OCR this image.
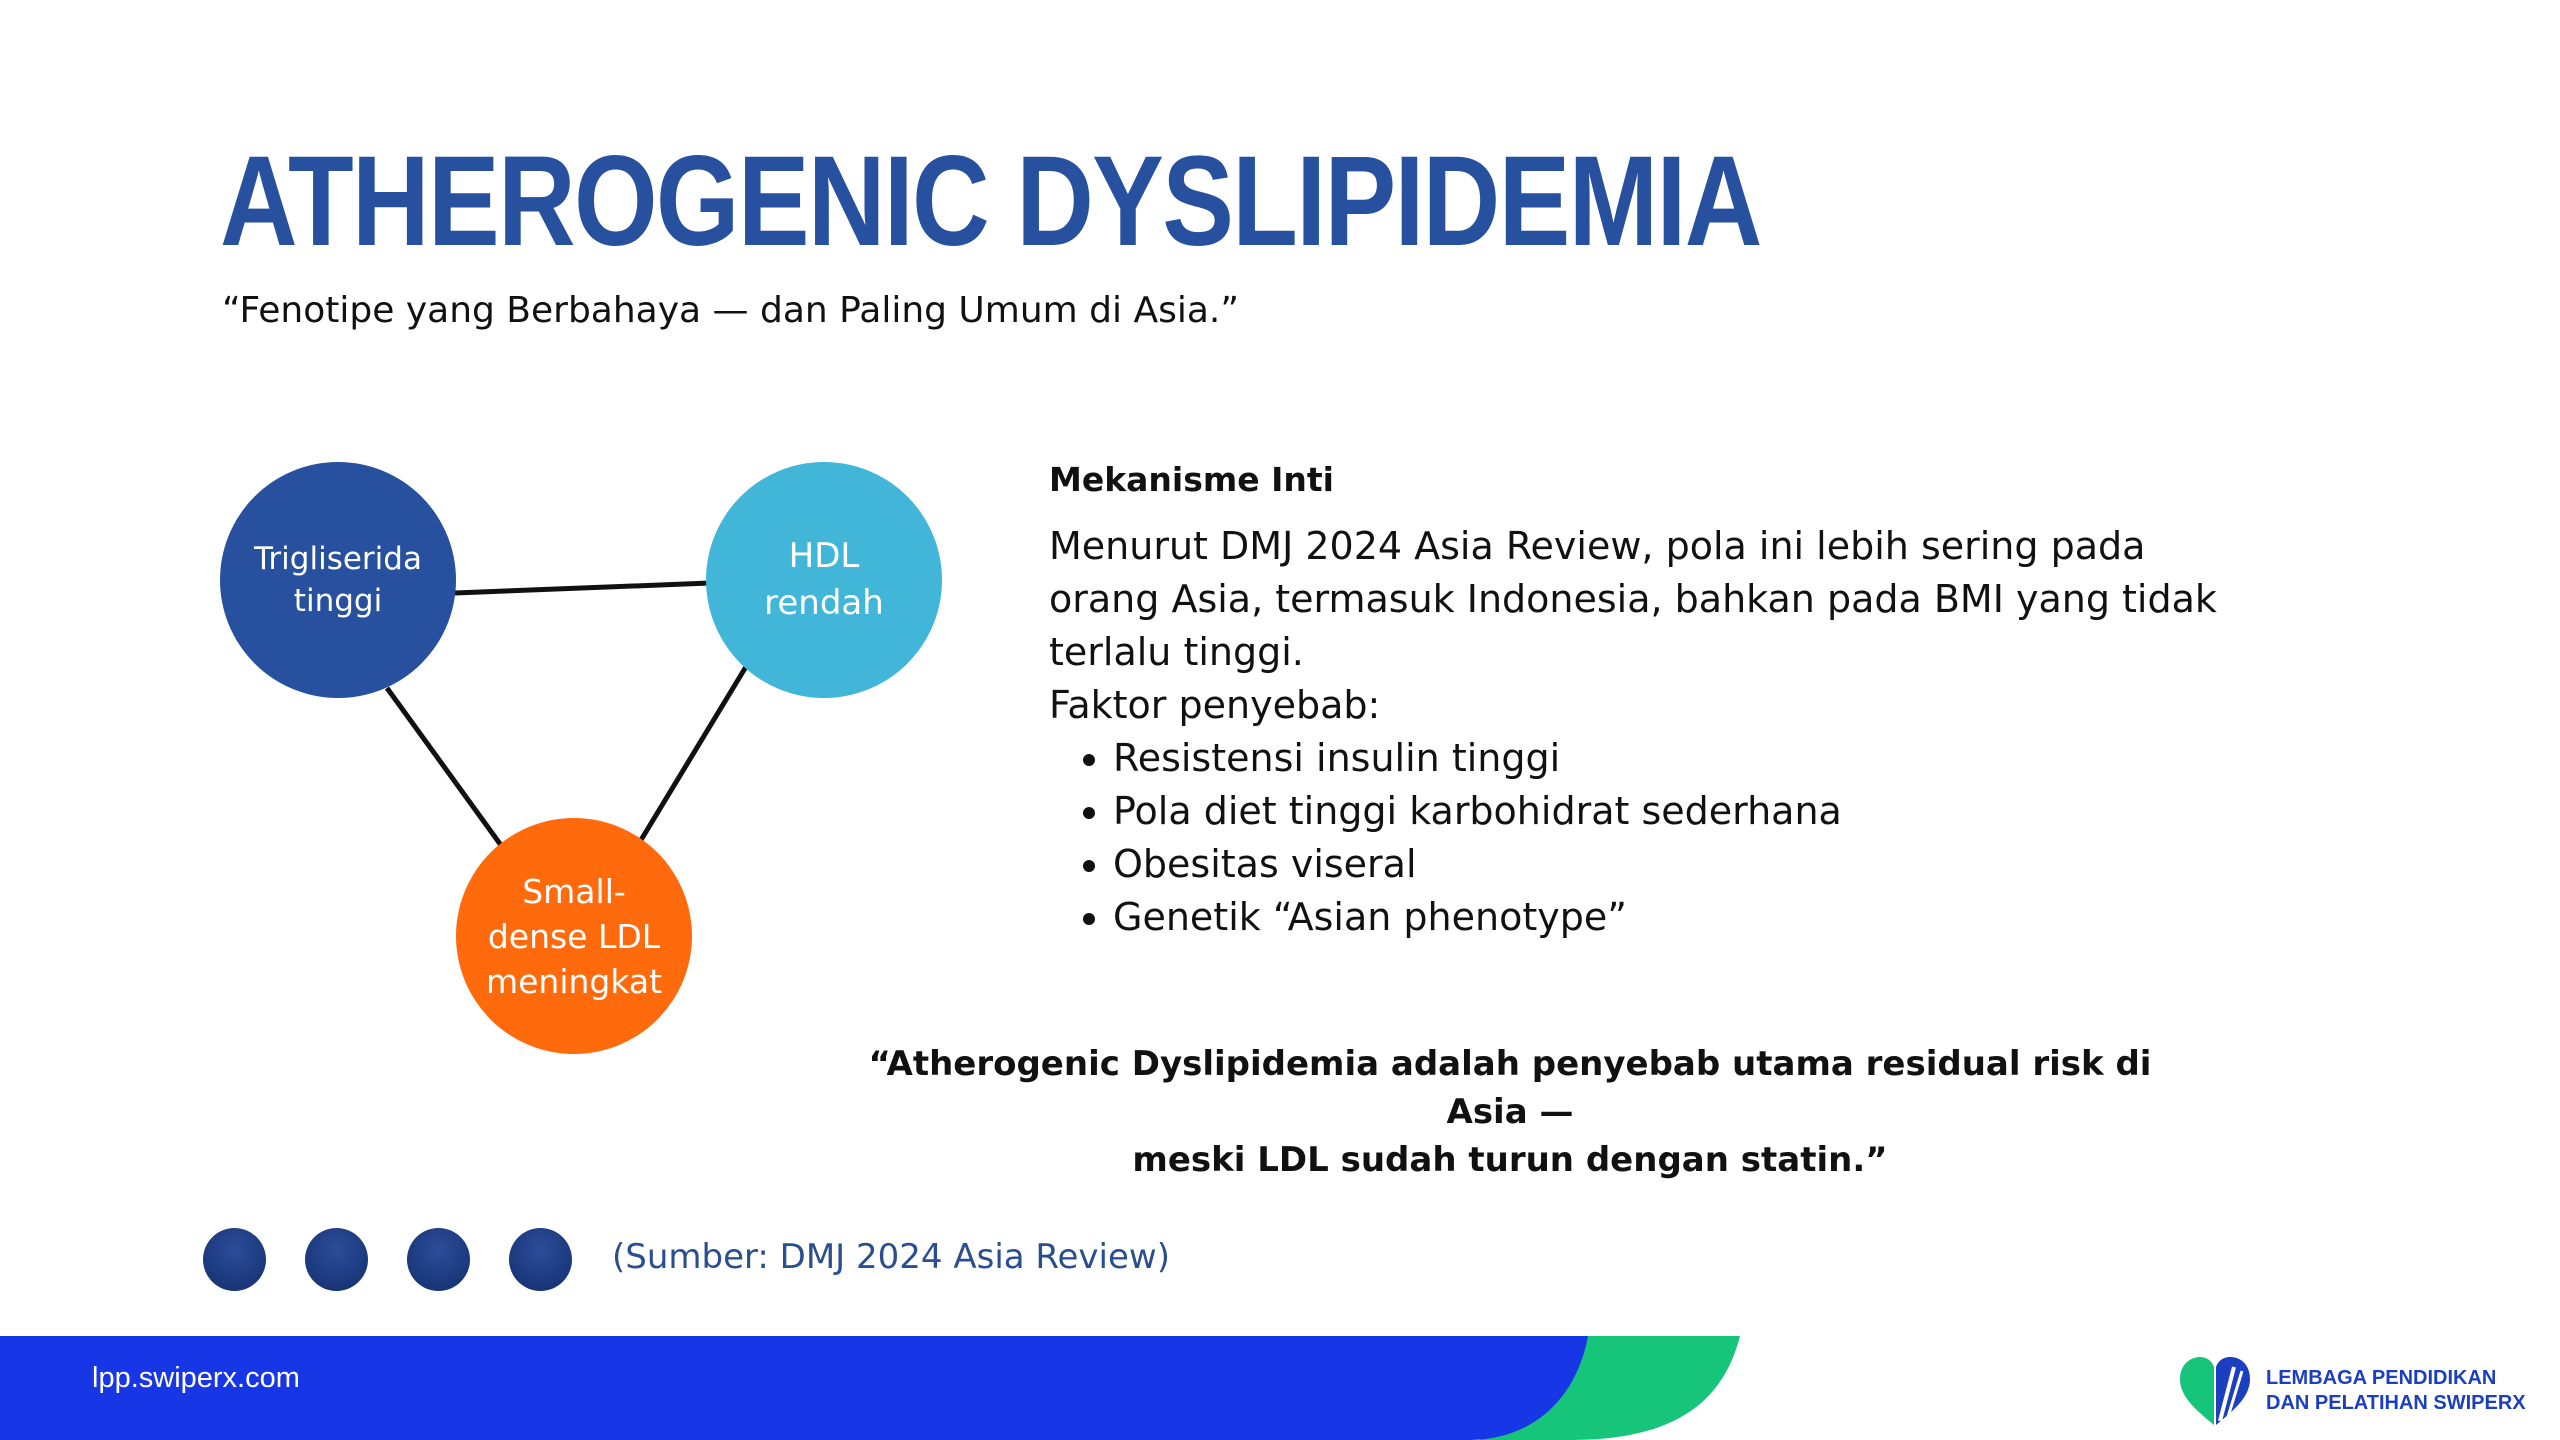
ATHEROGENIC DYSLIPIDEMIA
“Fenotipe yang Berbahaya — dan Paling Umum di Asia.”
Trigliserida
tinggi
HDL
rendah
Small-
dense LDL
meningkat
Mekanisme Inti

Menurut DMJ 2024 Asia Review, pola ini lebih sering pada orang Asia, termasuk Indonesia, bahkan pada BMI yang tidak terlalu tinggi.

Faktor penyebab:

• Resistensi insulin tinggi
• Pola diet tinggi karbohidrat sederhana
• Obesitas viseral
• Genetik “Asian phenotype”
“Atherogenic Dyslipidemia adalah penyebab utama residual risk di Asia —
meski LDL sudah turun dengan statin.”
(Sumber: DMJ 2024 Asia Review)
lpp.swiperx.com	LEMBAGA PENDIDIKAN
DAN PELATIHAN SWIPERX
